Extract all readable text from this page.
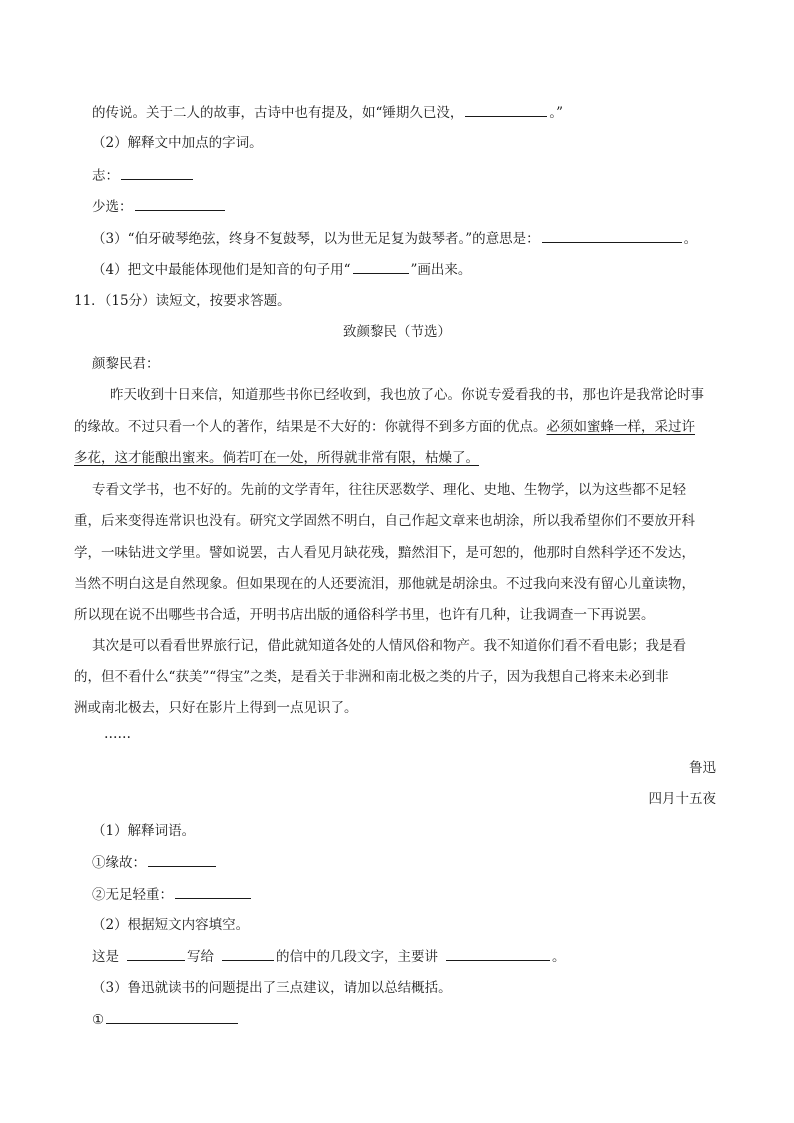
的传说。关于二人的故事，古诗中也有提及，如“锤期久已没，	。”
（2）解释文中加点的字词。
志：
少选：
（3）“伯牙破琴绝弦，终身不复鼓琴，以为世无足复为鼓琴者。”的意思是：	。
（4）把文中最能体现他们是知音的句子用“	”画出来。
11．（15分）读短文，按要求答题。
致颜黎民（节选）
颜黎民君：
昨天收到十日来信，知道那些书你已经收到，我也放了心。你说专爱看我的书，那也许是我常论时事
的缘故。不过只看一个人的著作，结果是不大好的：你就得不到多方面的优点。必须如蜜蜂一样，采过许
多花，这才能酿出蜜来。倘若叮在一处，所得就非常有限，枯燥了。
专看文学书，也不好的。先前的文学青年，往往厌恶数学、理化、史地、生物学，以为这些都不足轻
重，后来变得连常识也没有。研究文学固然不明白，自己作起文章来也胡涂，所以我希望你们不要放开科
学，一味钻进文学里。譬如说罢，古人看见月缺花残，黯然泪下，是可恕的，他那时自然科学还不发达，
当然不明白这是自然现象。但如果现在的人还要流泪，那他就是胡涂虫。不过我向来没有留心儿童读物，
所以现在说不出哪些书合适，开明书店出版的通俗科学书里，也许有几种，让我调查一下再说罢。
其次是可以看看世界旅行记，借此就知道各处的人情风俗和物产。我不知道你们看不看电影；我是看
的，但不看什么“获美”“得宝”之类，是看关于非洲和南北极之类的片子，因为我想自己将来未必到非
洲或南北极去，只好在影片上得到一点见识了。
……
鲁迅
四月十五夜
（1）解释词语。
①缘故：
②无足轻重：
（2）根据短文内容填空。
这是	写给	的信中的几段文字，主要讲	。
（3）鲁迅就读书的问题提出了三点建议，请加以总结概括。
①
